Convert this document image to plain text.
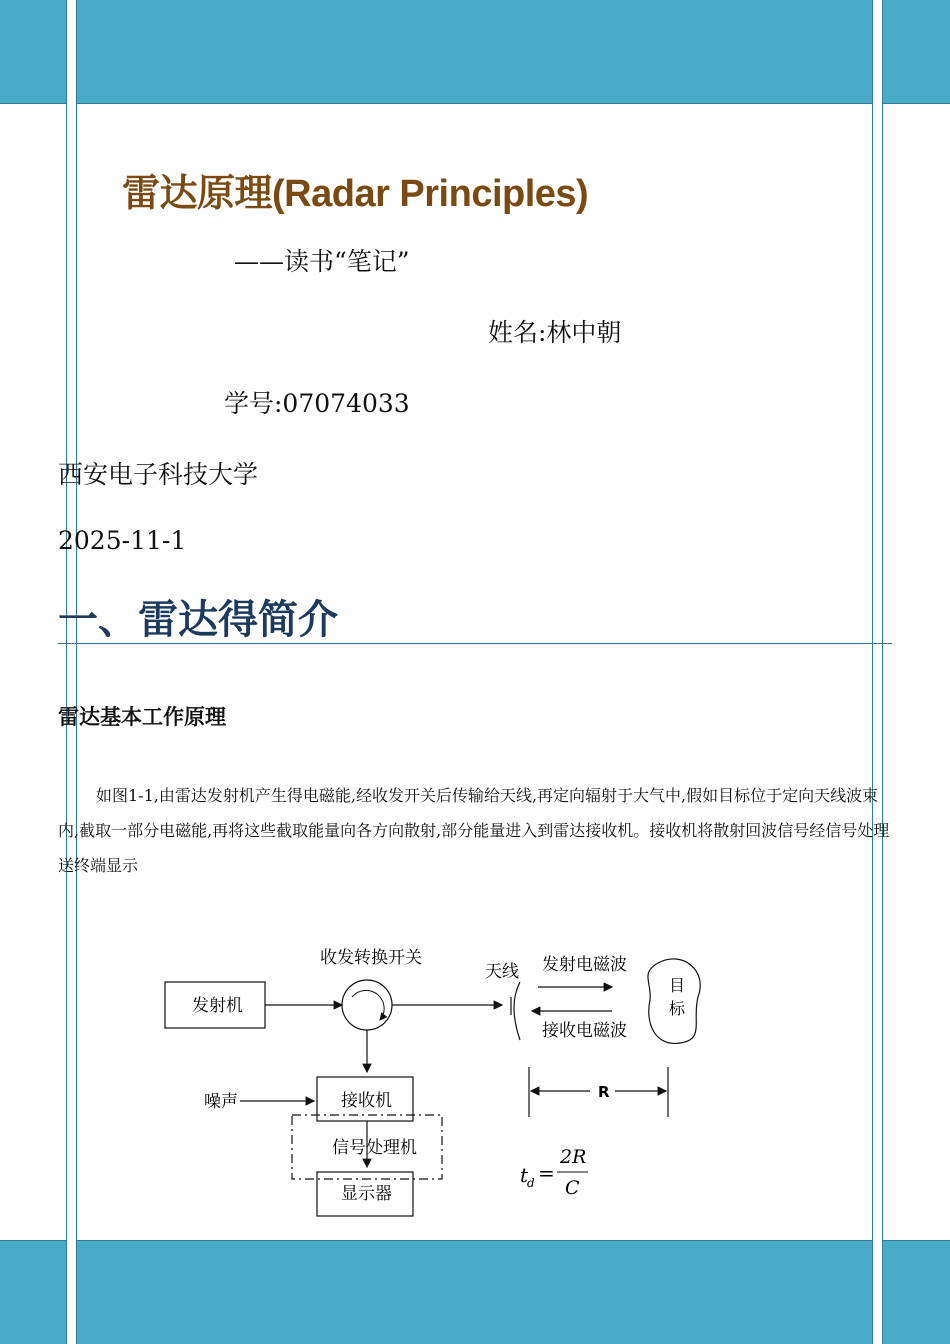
雷达原理(Radar Principles)
——读书“笔记”
姓名:林中朝
学号:07074033
西安电子科技大学
2025-11-1
一、雷达得简介
雷达基本工作原理
如图1-1,由雷达发射机产生得电磁能,经收发开关后传输给天线,再定向辐射于大气中,假如目标位于定向天线波束内,截取一部分电磁能,再将这些截取能量向各方向散射,部分能量进入到雷达接收机。接收机将散射回波信号经信号处理送终端显示
收发转换开关
发射机
天线 发射电磁波
接收电磁波
目
标
噪声	接收机
信号处理机
显示器
R
t
d =
2R
C
